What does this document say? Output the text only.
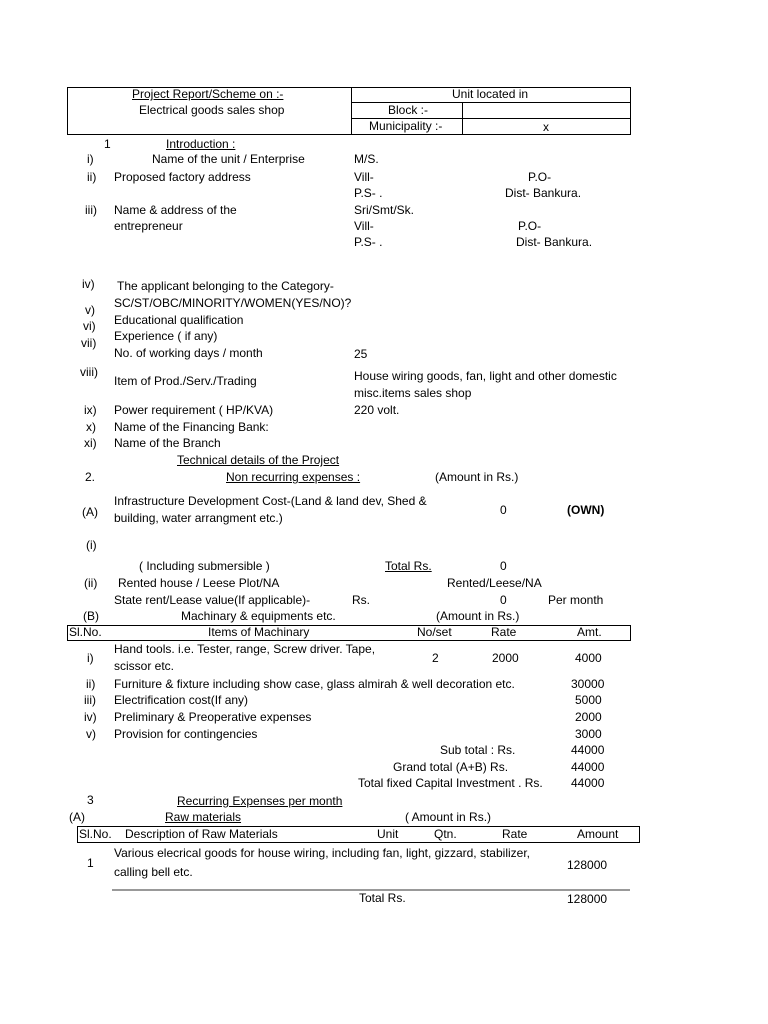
Project Report/Scheme on :-
Electrical goods sales shop
Unit located in
Block :-
Municipality :-	x
1	Introduction :
i)	Name of the unit / Enterprise	M/S.
ii) Proposed factory address	Vill-	P.O-
P.S- .	Dist- Bankura.
iii) Name & address of the
entrepreneur
Sri/Smt/Sk.
Vill-	P.O-
P.S- .	Dist- Bankura.
iv) The applicant belonging to the Category-
v) SC/ST/OBC/MINORITY/WOMEN(YES/NO)?
vi) Educational qualification
vii) Experience ( if any)
No. of working days / month	25
viii)
Item of Prod./Serv./Trading	House wiring goods, fan, light and other domestic
misc.items sales shop
ix) Power requirement ( HP/KVA)	220 volt.
x) Name of the Financing Bank:
xi) Name of the Branch
Technical details of the Project
2.	Non recurring expenses :	(Amount in Rs.)
(A)
Infrastructure Development Cost-(Land & land dev, Shed &
building, water arrangment etc.)
0	(OWN)
(i)
( Including submersible )	Total Rs.	0
(ii) Rented house / Leese Plot/NA	Rented/Leese/NA
State rent/Lease value(If applicable)-	Rs.	0	Per month
(B)	Machinary & equipments etc.	(Amount in Rs.)
Sl.No.	Items of Machinary	No/set	Rate	Amt.
i)
Hand tools. i.e. Tester, range, Screw driver. Tape,
scissor etc.
2	2000	4000
ii) Furniture & fixture including show case, glass almirah & well decoration etc.	30000
iii) Electrification cost(If any)	5000
iv) Preliminary & Preoperative expenses	2000
v) Provision for contingencies	3000
Sub total : Rs.	44000
Grand total (A+B) Rs.	44000
Total fixed Capital Investment . Rs. 44000
3	Recurring Expenses per month
(A)	Raw materials	( Amount in Rs.)
Sl.No. Description of Raw Materials	Unit	Qtn.	Rate	Amount
1
Various elecrical goods for house wiring, including fan, light, gizzard, stabilizer,
calling bell etc.	128000
Total Rs.	128000
